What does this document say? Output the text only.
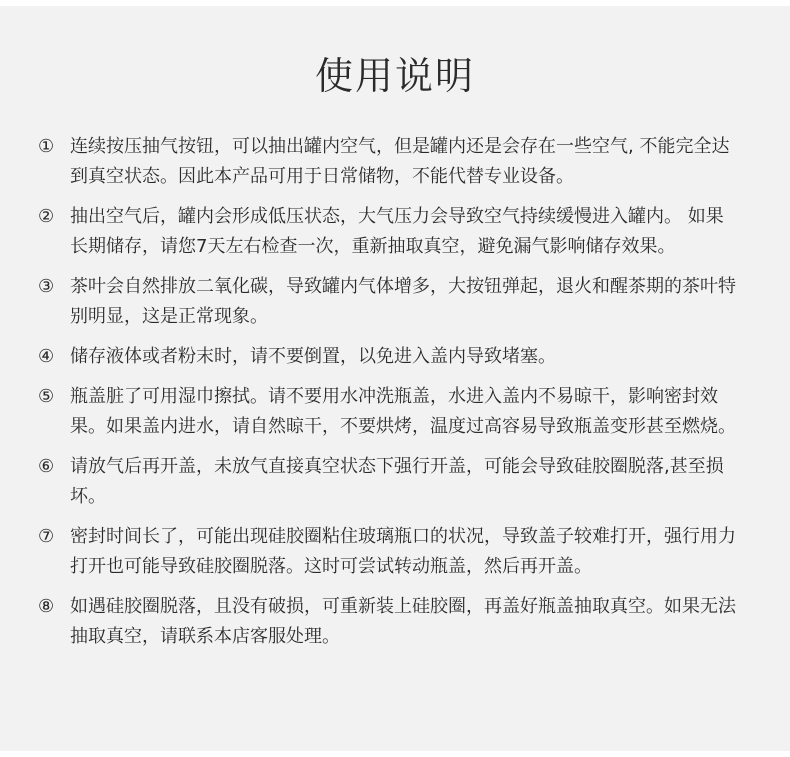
使用说明
① 连续按压抽气按钮，可以抽出罐内空气，但是罐内还是会存在一些空气, 不能完全达到真空状态。因此本产品可用于日常储物，不能代替专业设备。
② 抽出空气后，罐内会形成低压状态，大气压力会导致空气持续缓慢进入罐内。 如果长期储存，请您7天左右检查一次，重新抽取真空，避免漏气影响储存效果。
③ 茶叶会自然排放二氧化碳，导致罐内气体增多，大按钮弹起，退火和醒茶期的茶叶特别明显，这是正常现象。
④ 储存液体或者粉末时，请不要倒置，以免进入盖内导致堵塞。
⑤ 瓶盖脏了可用湿巾擦拭。请不要用水冲洗瓶盖，水进入盖内不易晾干，影响密封效果。如果盖内进水，请自然晾干，不要烘烤，温度过高容易导致瓶盖变形甚至燃烧。
⑥ 请放气后再开盖，未放气直接真空状态下强行开盖，可能会导致硅胶圈脱落,甚至损坏。
⑦ 密封时间长了，可能出现硅胶圈粘住玻璃瓶口的状况，导致盖子较难打开，强行用力打开也可能导致硅胶圈脱落。这时可尝试转动瓶盖，然后再开盖。
⑧ 如遇硅胶圈脱落，且没有破损，可重新装上硅胶圈，再盖好瓶盖抽取真空。如果无法抽取真空，请联系本店客服处理。
